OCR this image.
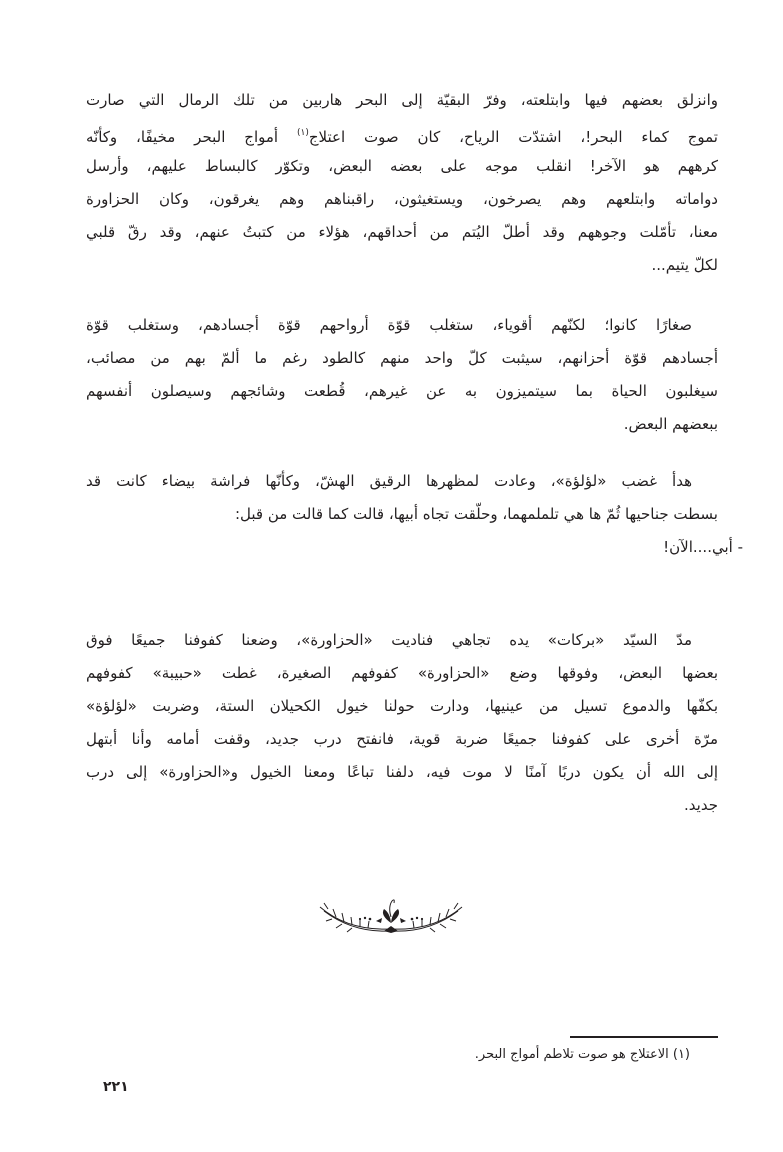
وانزلق بعضهم فيها وابتلعته، وفرّ البقيّة إلى البحر هاربين من تلك الرمال التي صارت
تموج كماء البحر!، اشتدّت الرياح، كان صوت اعتلاج$^{(١)}$ أمواج البحر مخيفًا، وكأنّه
كرههم هو الآخر! انقلب موجه على بعضه البعض، وتكوّر كالبساط عليهم، وأرسل
دواماته وابتلعهم وهم يصرخون، ويستغيثون، راقبناهم وهم يغرقون، وكان الحزاورة
معنا، تأمّلت وجوههم وقد أطلّ اليُتم من أحداقهم، هؤلاء من كتبتُ عنهم، وقد رقّ قلبي
لكلّ يتيم...
صغارًا كانوا؛ لكنّهم أقوياء، ستغلب قوّة أرواحهم قوّة أجسادهم، وستغلب قوّة
أجسادهم قوّة أحزانهم، سيثبت كلّ واحد منهم كالطود رغم ما ألمّ بهم من مصائب،
سيغلبون الحياة بما سيتميزون به عن غيرهم، قُطعت وشائجهم وسيصلون أنفسهم
ببعضهم البعض.
هدأ غضب «لؤلؤة»، وعادت لمظهرها الرقيق الهشّ، وكأنّها فراشة بيضاء كانت قد
بسطت جناحيها ثُمّ ها هي تلملمهما، وحلّقت تجاه أبيها، قالت كما قالت من قبل:
- أبي....الآن!
مدّ السيّد «بركات» يده تجاهي فناديت «الحزاورة»، وضعنا كفوفنا جميعًا فوق
بعضها البعض، وفوقها وضع «الحزاورة» كفوفهم الصغيرة، غطت «حبيبة» كفوفهم
بكفّها والدموع تسيل من عينيها، ودارت حولنا خيول الكحيلان الستة، وضربت «لؤلؤة»
مرّة أخرى على كفوفنا جميعًا ضربة قوية، فانفتح درب جديد، وقفت أمامه وأنا أبتهل
إلى الله أن يكون دربًا آمنًا لا موت فيه، دلفنا تباعًا ومعنا الخيول و«الحزاورة» إلى درب
جديد.
(١) الاعتلاج هو صوت تلاطم أمواج البحر.
٢٢١
